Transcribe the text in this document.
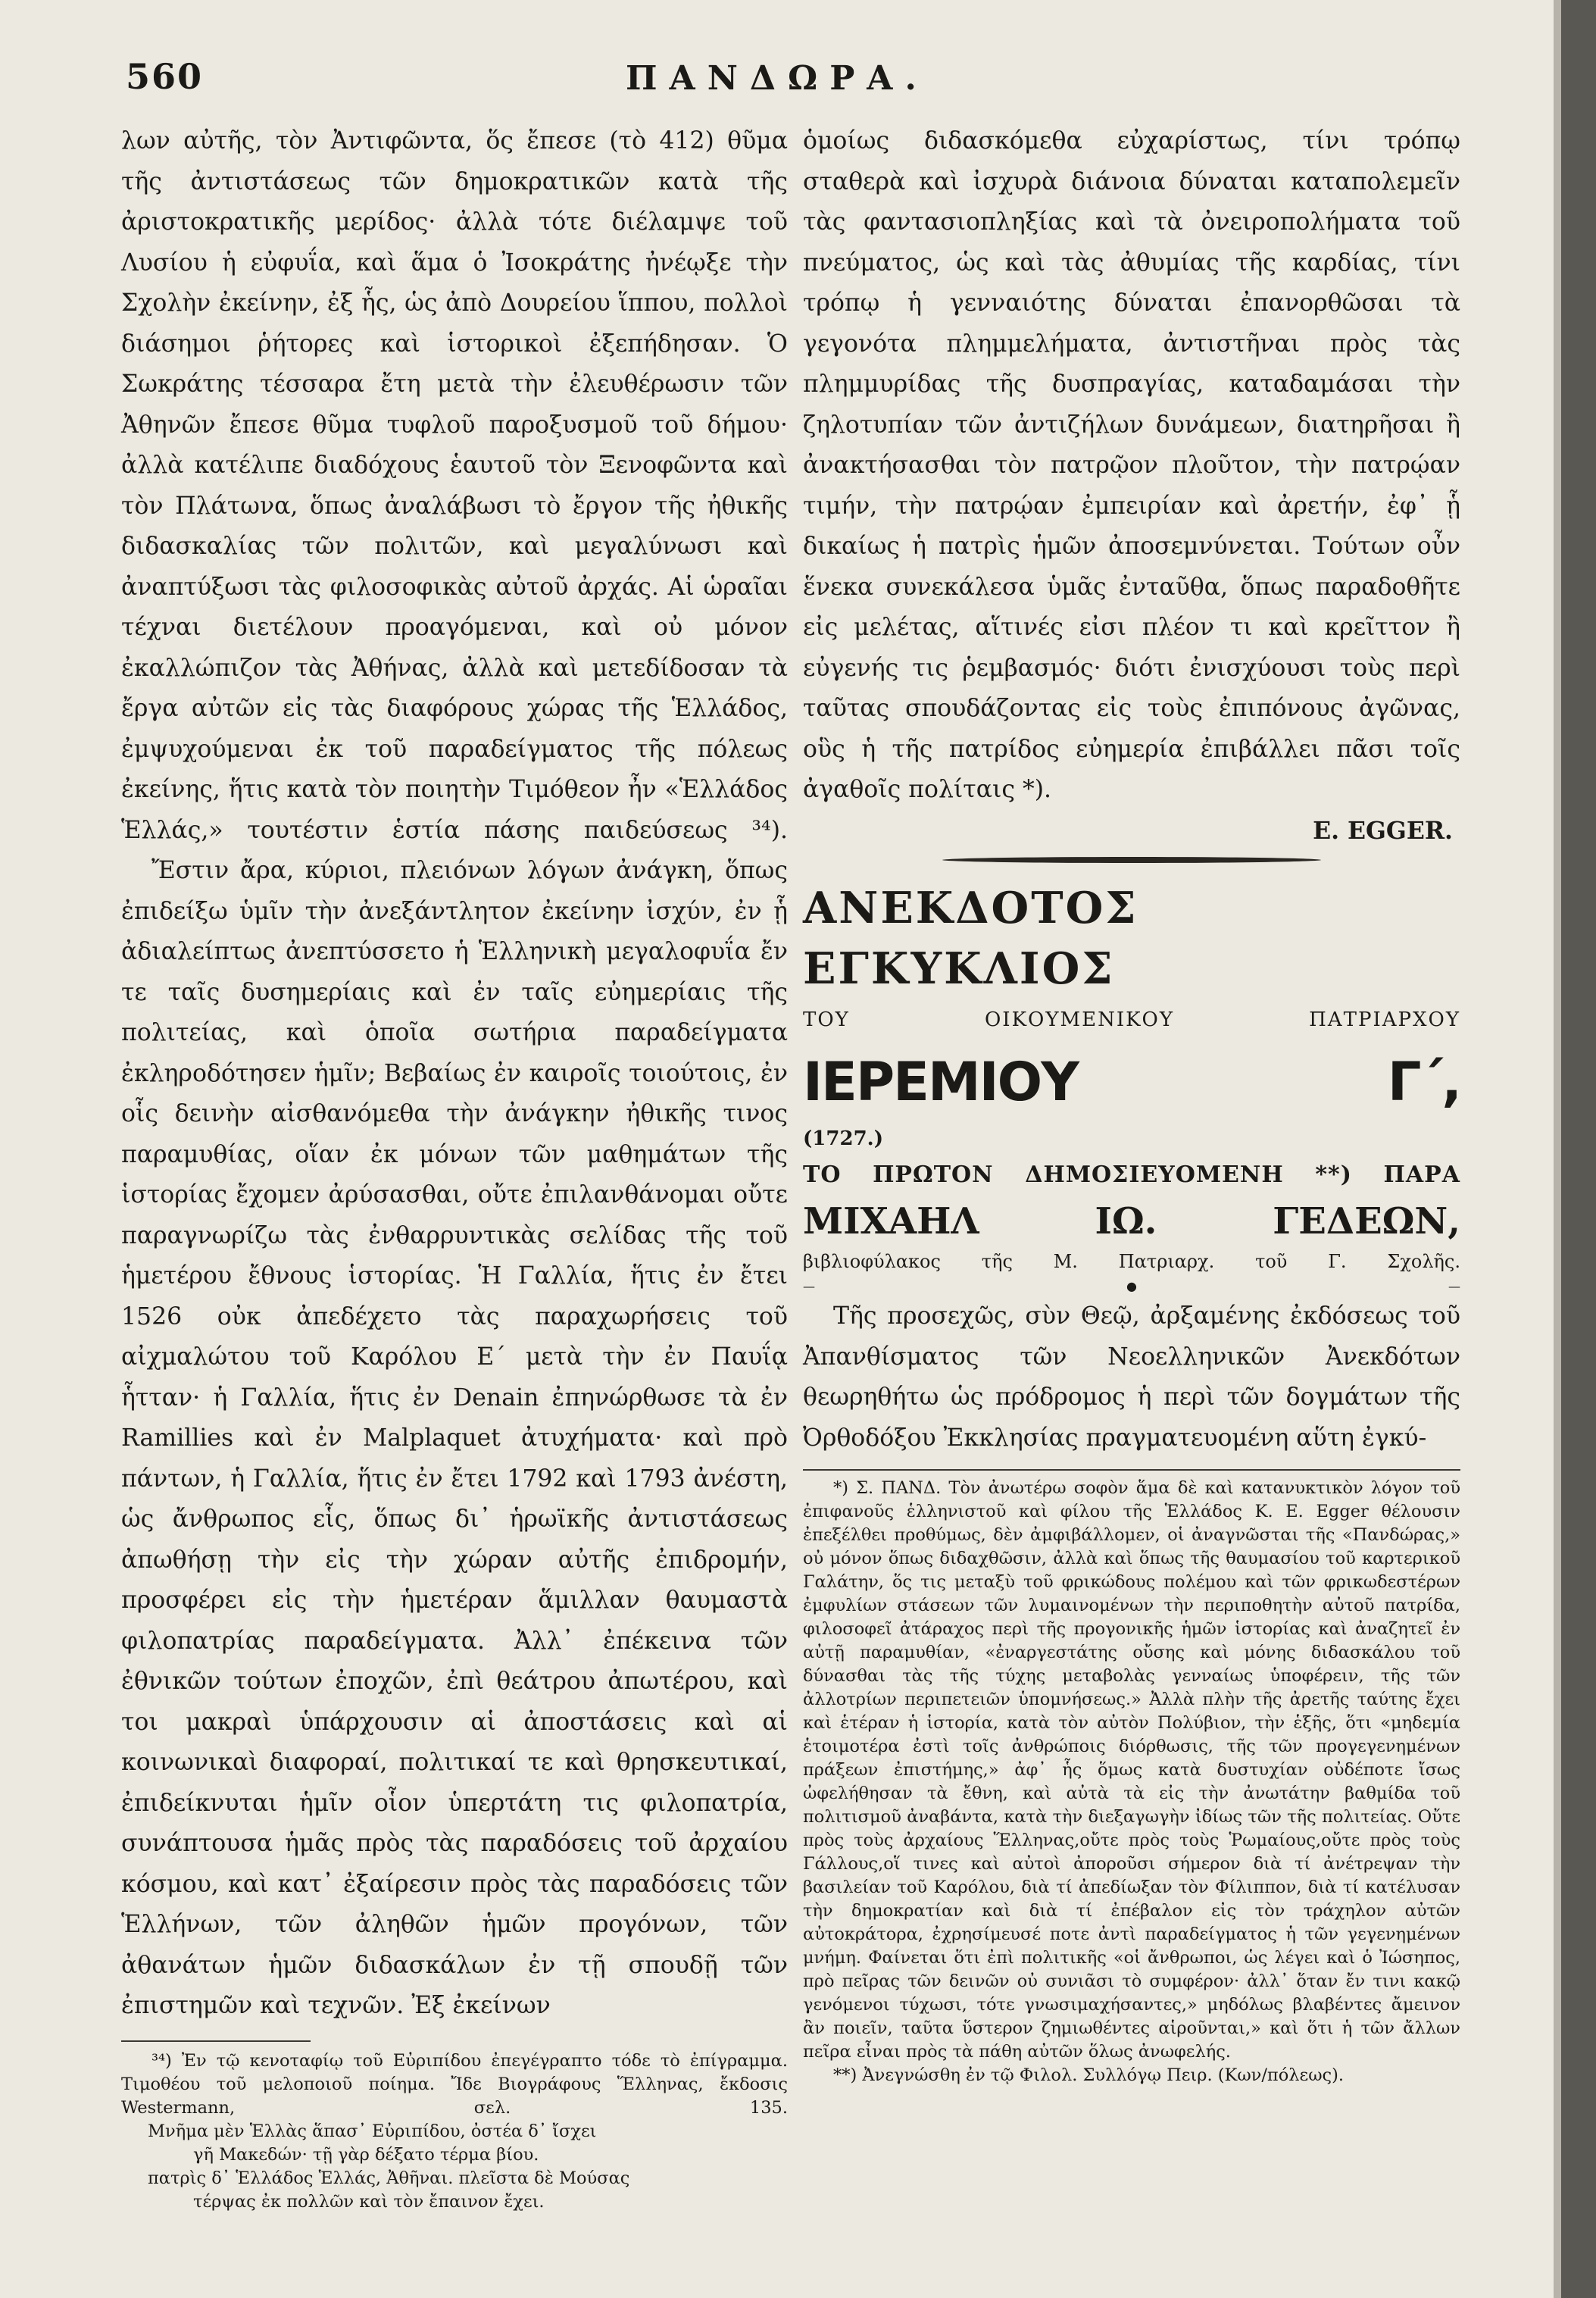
560	ΠΑΝΔΩΡΑ.

λων αὐτῆς, τὸν Ἀντιφῶντα, ὅς ἔπεσε (τὸ 412) θῦμα τῆς ἀντιστάσεως τῶν δημοκρατικῶν κατὰ τῆς ἀριστοκρατικῆς μερίδος· ἀλλὰ τότε διέλαμψε τοῦ Λυσίου ἡ εὐφυΐα, καὶ ἅμα ὁ Ἰσοκράτης ἠνέῳξε τὴν Σχολὴν ἐκείνην, ἐξ ἧς, ὡς ἀπὸ Δουρείου ἵππου, πολλοὶ διάσημοι ῥήτορες καὶ ἱστορικοὶ ἐξεπήδησαν. Ὁ Σωκράτης τέσσαρα ἔτη μετὰ τὴν ἐλευθέρωσιν τῶν Ἀθηνῶν ἔπεσε θῦμα τυφλοῦ παροξυσμοῦ τοῦ δήμου· ἀλλὰ κατέλιπε διαδόχους ἑαυτοῦ τὸν Ξενοφῶντα καὶ τὸν Πλάτωνα, ὅπως ἀναλάβωσι τὸ ἔργον τῆς ἠθικῆς διδασκαλίας τῶν πολιτῶν, καὶ μεγαλύνωσι καὶ ἀναπτύξωσι τὰς φιλοσοφικὰς αὐτοῦ ἀρχάς. Αἱ ὡραῖαι τέχναι διετέλουν προαγόμεναι, καὶ οὐ μόνον ἐκαλλώπιζον τὰς Ἀθήνας, ἀλλὰ καὶ μετεδίδοσαν τὰ ἔργα αὐτῶν εἰς τὰς διαφόρους χώρας τῆς Ἑλλάδος, ἐμψυχούμεναι ἐκ τοῦ παραδείγματος τῆς πόλεως ἐκείνης, ἥτις κατὰ τὸν ποιητὴν Τιμόθεον ἦν «Ἑλλάδος Ἑλλάς,» τουτέστιν ἑστία πάσης παιδεύσεως ³⁴).

Ἔστιν ἄρα, κύριοι, πλειόνων λόγων ἀνάγκη, ὅπως ἐπιδείξω ὑμῖν τὴν ἀνεξάντλητον ἐκείνην ἰσχύν, ἐν ᾗ ἀδιαλείπτως ἀνεπτύσσετο ἡ Ἑλληνικὴ μεγαλοφυΐα ἔν τε ταῖς δυσημερίαις καὶ ἐν ταῖς εὐημερίαις τῆς πολιτείας, καὶ ὁποῖα σωτήρια παραδείγματα ἐκληροδότησεν ἡμῖν; Βεβαίως ἐν καιροῖς τοιούτοις, ἐν οἷς δεινὴν αἰσθανόμεθα τὴν ἀνάγκην ἠθικῆς τινος παραμυθίας, οἵαν ἐκ μόνων τῶν μαθημάτων τῆς ἱστορίας ἔχομεν ἀρύσασθαι, οὔτε ἐπιλανθάνομαι οὔτε παραγνωρίζω τὰς ἐνθαρρυντικὰς σελίδας τῆς τοῦ ἡμετέρου ἔθνους ἱστορίας. Ἡ Γαλλία, ἥτις ἐν ἔτει 1526 οὐκ ἀπεδέχετο τὰς παραχωρήσεις τοῦ αἰχμαλώτου τοῦ Καρόλου Ε΄ μετὰ τὴν ἐν Παυΐᾳ ἧτταν· ἡ Γαλλία, ἥτις ἐν Denain ἐπηνώρθωσε τὰ ἐν Ramillies καὶ ἐν Malplaquet ἀτυχήματα· καὶ πρὸ πάντων, ἡ Γαλλία, ἥτις ἐν ἔτει 1792 καὶ 1793 ἀνέστη, ὡς ἄνθρωπος εἷς, ὅπως δι᾽ ἡρωϊκῆς ἀντιστάσεως ἀπωθήσῃ τὴν εἰς τὴν χώραν αὐτῆς ἐπιδρομήν, προσφέρει εἰς τὴν ἡμετέραν ἅμιλλαν θαυμαστὰ φιλοπατρίας παραδείγματα. Ἀλλ᾽ ἐπέκεινα τῶν ἐθνικῶν τούτων ἐποχῶν, ἐπὶ θεάτρου ἀπωτέρου, καὶ τοι μακραὶ ὑπάρχουσιν αἱ ἀποστάσεις καὶ αἱ κοινωνικαὶ διαφοραί, πολιτικαί τε καὶ θρησκευτικαί, ἐπιδείκνυται ἡμῖν οἷον ὑπερτάτη τις φιλοπατρία, συνάπτουσα ἡμᾶς πρὸς τὰς παραδόσεις τοῦ ἀρχαίου κόσμου, καὶ κατ᾽ ἐξαίρεσιν πρὸς τὰς παραδόσεις τῶν Ἑλλήνων, τῶν ἀληθῶν ἡμῶν προγόνων, τῶν ἀθανάτων ἡμῶν διδασκάλων ἐν τῇ σπουδῇ τῶν ἐπιστημῶν καὶ τεχνῶν. Ἐξ ἐκείνων

³⁴) Ἐν τῷ κενοταφίῳ τοῦ Εὐριπίδου ἐπεγέγραπτο τόδε τὸ ἐπίγραμμα. Τιμοθέου τοῦ μελοποιοῦ ποίημα. Ἴδε Βιογράφους Ἕλληνας, ἔκδοσις Westermann, σελ. 135.

Μνῆμα μὲν Ἑλλὰς ἅπασ᾽ Εὐριπίδου, ὀστέα δ᾽ ἴσχει

γῆ Μακεδών· τῇ γὰρ δέξατο τέρμα βίου.

πατρὶς δ᾽ Ἑλλάδος Ἑλλάς, Ἀθῆναι. πλεῖστα δὲ Μούσας

τέρψας ἐκ πολλῶν καὶ τὸν ἔπαινον ἔχει.

ὁμοίως διδασκόμεθα εὐχαρίστως, τίνι τρόπῳ σταθερὰ καὶ ἰσχυρὰ διάνοια δύναται καταπολεμεῖν τὰς φαντασιοπληξίας καὶ τὰ ὀνειροπολήματα τοῦ πνεύματος, ὡς καὶ τὰς ἀθυμίας τῆς καρδίας, τίνι τρόπῳ ἡ γενναιότης δύναται ἐπανορθῶσαι τὰ γεγονότα πλημμελήματα, ἀντιστῆναι πρὸς τὰς πλημμυρίδας τῆς δυσπραγίας, καταδαμάσαι τὴν ζηλοτυπίαν τῶν ἀντιζήλων δυνάμεων, διατηρῆσαι ἢ ἀνακτήσασθαι τὸν πατρῷον πλοῦτον, τὴν πατρῴαν τιμήν, τὴν πατρῴαν ἐμπειρίαν καὶ ἀρετήν, ἐφ᾽ ᾗ δικαίως ἡ πατρὶς ἡμῶν ἀποσεμνύνεται. Τούτων οὖν ἕνεκα συνεκάλεσα ὑμᾶς ἐνταῦθα, ὅπως παραδοθῆτε εἰς μελέτας, αἵτινές εἰσι πλέον τι καὶ κρεῖττον ἢ εὐγενής τις ῥεμβασμός· διότι ἐνισχύουσι τοὺς περὶ ταῦτας σπουδάζοντας εἰς τοὺς ἐπιπόνους ἀγῶνας, οὓς ἡ τῆς πατρίδος εὐημερία ἐπιβάλλει πᾶσι τοῖς ἀγαθοῖς πολίταις *).

E. EGGER.

ΑΝΕΚΔΟΤΟΣ ΕΓΚΥΚΛΙΟΣ

ΤΟΥ ΟΙΚΟΥΜΕΝΙΚΟΥ ΠΑΤΡΙΑΡΧΟΥ

ΙΕΡΕΜΙΟΥ Γ΄,

(1727.)

ΤΟ ΠΡΩΤΟΝ ΔΗΜΟΣΙΕΥΟΜΕΝΗ **) ΠΑΡΑ

ΜΙΧΑΗΛ ΙΩ. ΓΕΔΕΩΝ,

βιβλιοφύλακος τῆς Μ. Πατριαρχ. τοῦ Γ. Σχολῆς.

—●—

Τῆς προσεχῶς, σὺν Θεῷ, ἀρξαμένης ἐκδόσεως τοῦ Ἀπανθίσματος τῶν Νεοελληνικῶν Ἀνεκδότων θεωρηθήτω ὡς πρόδρομος ἡ περὶ τῶν δογμάτων τῆς Ὀρθοδόξου Ἐκκλησίας πραγματευομένη αὕτη ἐγκύ-

*) Σ. ΠΑΝΔ. Τὸν ἀνωτέρω σοφὸν ἅμα δὲ καὶ κατανυκτικὸν λόγον τοῦ ἐπιφανοῦς ἑλληνιστοῦ καὶ φίλου τῆς Ἑλλάδος Κ. Ε. Egger θέλουσιν ἐπεξέλθει προθύμως, δὲν ἀμφιβάλλομεν, οἱ ἀναγνῶσται τῆς «Πανδώρας,» οὐ μόνον ὅπως διδαχθῶσιν, ἀλλὰ καὶ ὅπως τῆς θαυμασίου τοῦ καρτερικοῦ Γαλάτην, ὅς τις μεταξὺ τοῦ φρικώδους πολέμου καὶ τῶν φρικωδεστέρων ἐμφυλίων στάσεων τῶν λυμαινομένων τὴν περιποθητὴν αὐτοῦ πατρίδα, φιλοσοφεῖ ἀτάραχος περὶ τῆς προγονικῆς ἡμῶν ἱστορίας καὶ ἀναζητεῖ ἐν αὐτῇ παραμυθίαν, «ἐναργεστάτης οὔσης καὶ μόνης διδασκάλου τοῦ δύνασθαι τὰς τῆς τύχης μεταβολὰς γενναίως ὑποφέρειν, τῆς τῶν ἀλλοτρίων περιπετειῶν ὑπομνήσεως.» Ἀλλὰ πλὴν τῆς ἀρετῆς ταύτης ἔχει καὶ ἑτέραν ἡ ἱστορία, κατὰ τὸν αὐτὸν Πολύβιον, τὴν ἑξῆς, ὅτι «μηδεμία ἑτοιμοτέρα ἐστὶ τοῖς ἀνθρώποις διόρθωσις, τῆς τῶν προγεγενημένων πράξεων ἐπιστήμης,» ἀφ᾽ ἧς ὅμως κατὰ δυστυχίαν οὐδέποτε ἴσως ὠφελήθησαν τὰ ἔθνη, καὶ αὐτὰ τὰ εἰς τὴν ἀνωτάτην βαθμίδα τοῦ πολιτισμοῦ ἀναβάντα, κατὰ τὴν διεξαγωγὴν ἰδίως τῶν τῆς πολιτείας. Οὔτε πρὸς τοὺς ἀρχαίους Ἕλληνας,οὔτε πρὸς τοὺς Ῥωμαίους,οὔτε πρὸς τοὺς Γάλλους,οἵ τινες καὶ αὐτοὶ ἀποροῦσι σήμερον διὰ τί ἀνέτρεψαν τὴν βασιλείαν τοῦ Καρόλου, διὰ τί ἀπεδίωξαν τὸν Φίλιππον, διὰ τί κατέλυσαν τὴν δημοκρατίαν καὶ διὰ τί ἐπέβαλον εἰς τὸν τράχηλον αὐτῶν αὐτοκράτορα, ἐχρησίμευσέ ποτε ἀντὶ παραδείγματος ἡ τῶν γεγενημένων μνήμη. Φαίνεται ὅτι ἐπὶ πολιτικῆς «οἱ ἄνθρωποι, ὡς λέγει καὶ ὁ Ἰώσηπος, πρὸ πεῖρας τῶν δεινῶν οὐ συνιᾶσι τὸ συμφέρον· ἀλλ᾽ ὅταν ἔν τινι κακῷ γενόμενοι τύχωσι, τότε γνωσιμαχήσαντες,» μηδόλως βλαβέντες ἄμεινον ἂν ποιεῖν, ταῦτα ὕστερον ζημιωθέντες αἱροῦνται,» καὶ ὅτι ἡ τῶν ἄλλων πεῖρα εἶναι πρὸς τὰ πάθη αὐτῶν ὅλως ἀνωφελής.

**) Ἀνεγνώσθη ἐν τῷ Φιλολ. Συλλόγῳ Πειρ. (Κων/πόλεως).
